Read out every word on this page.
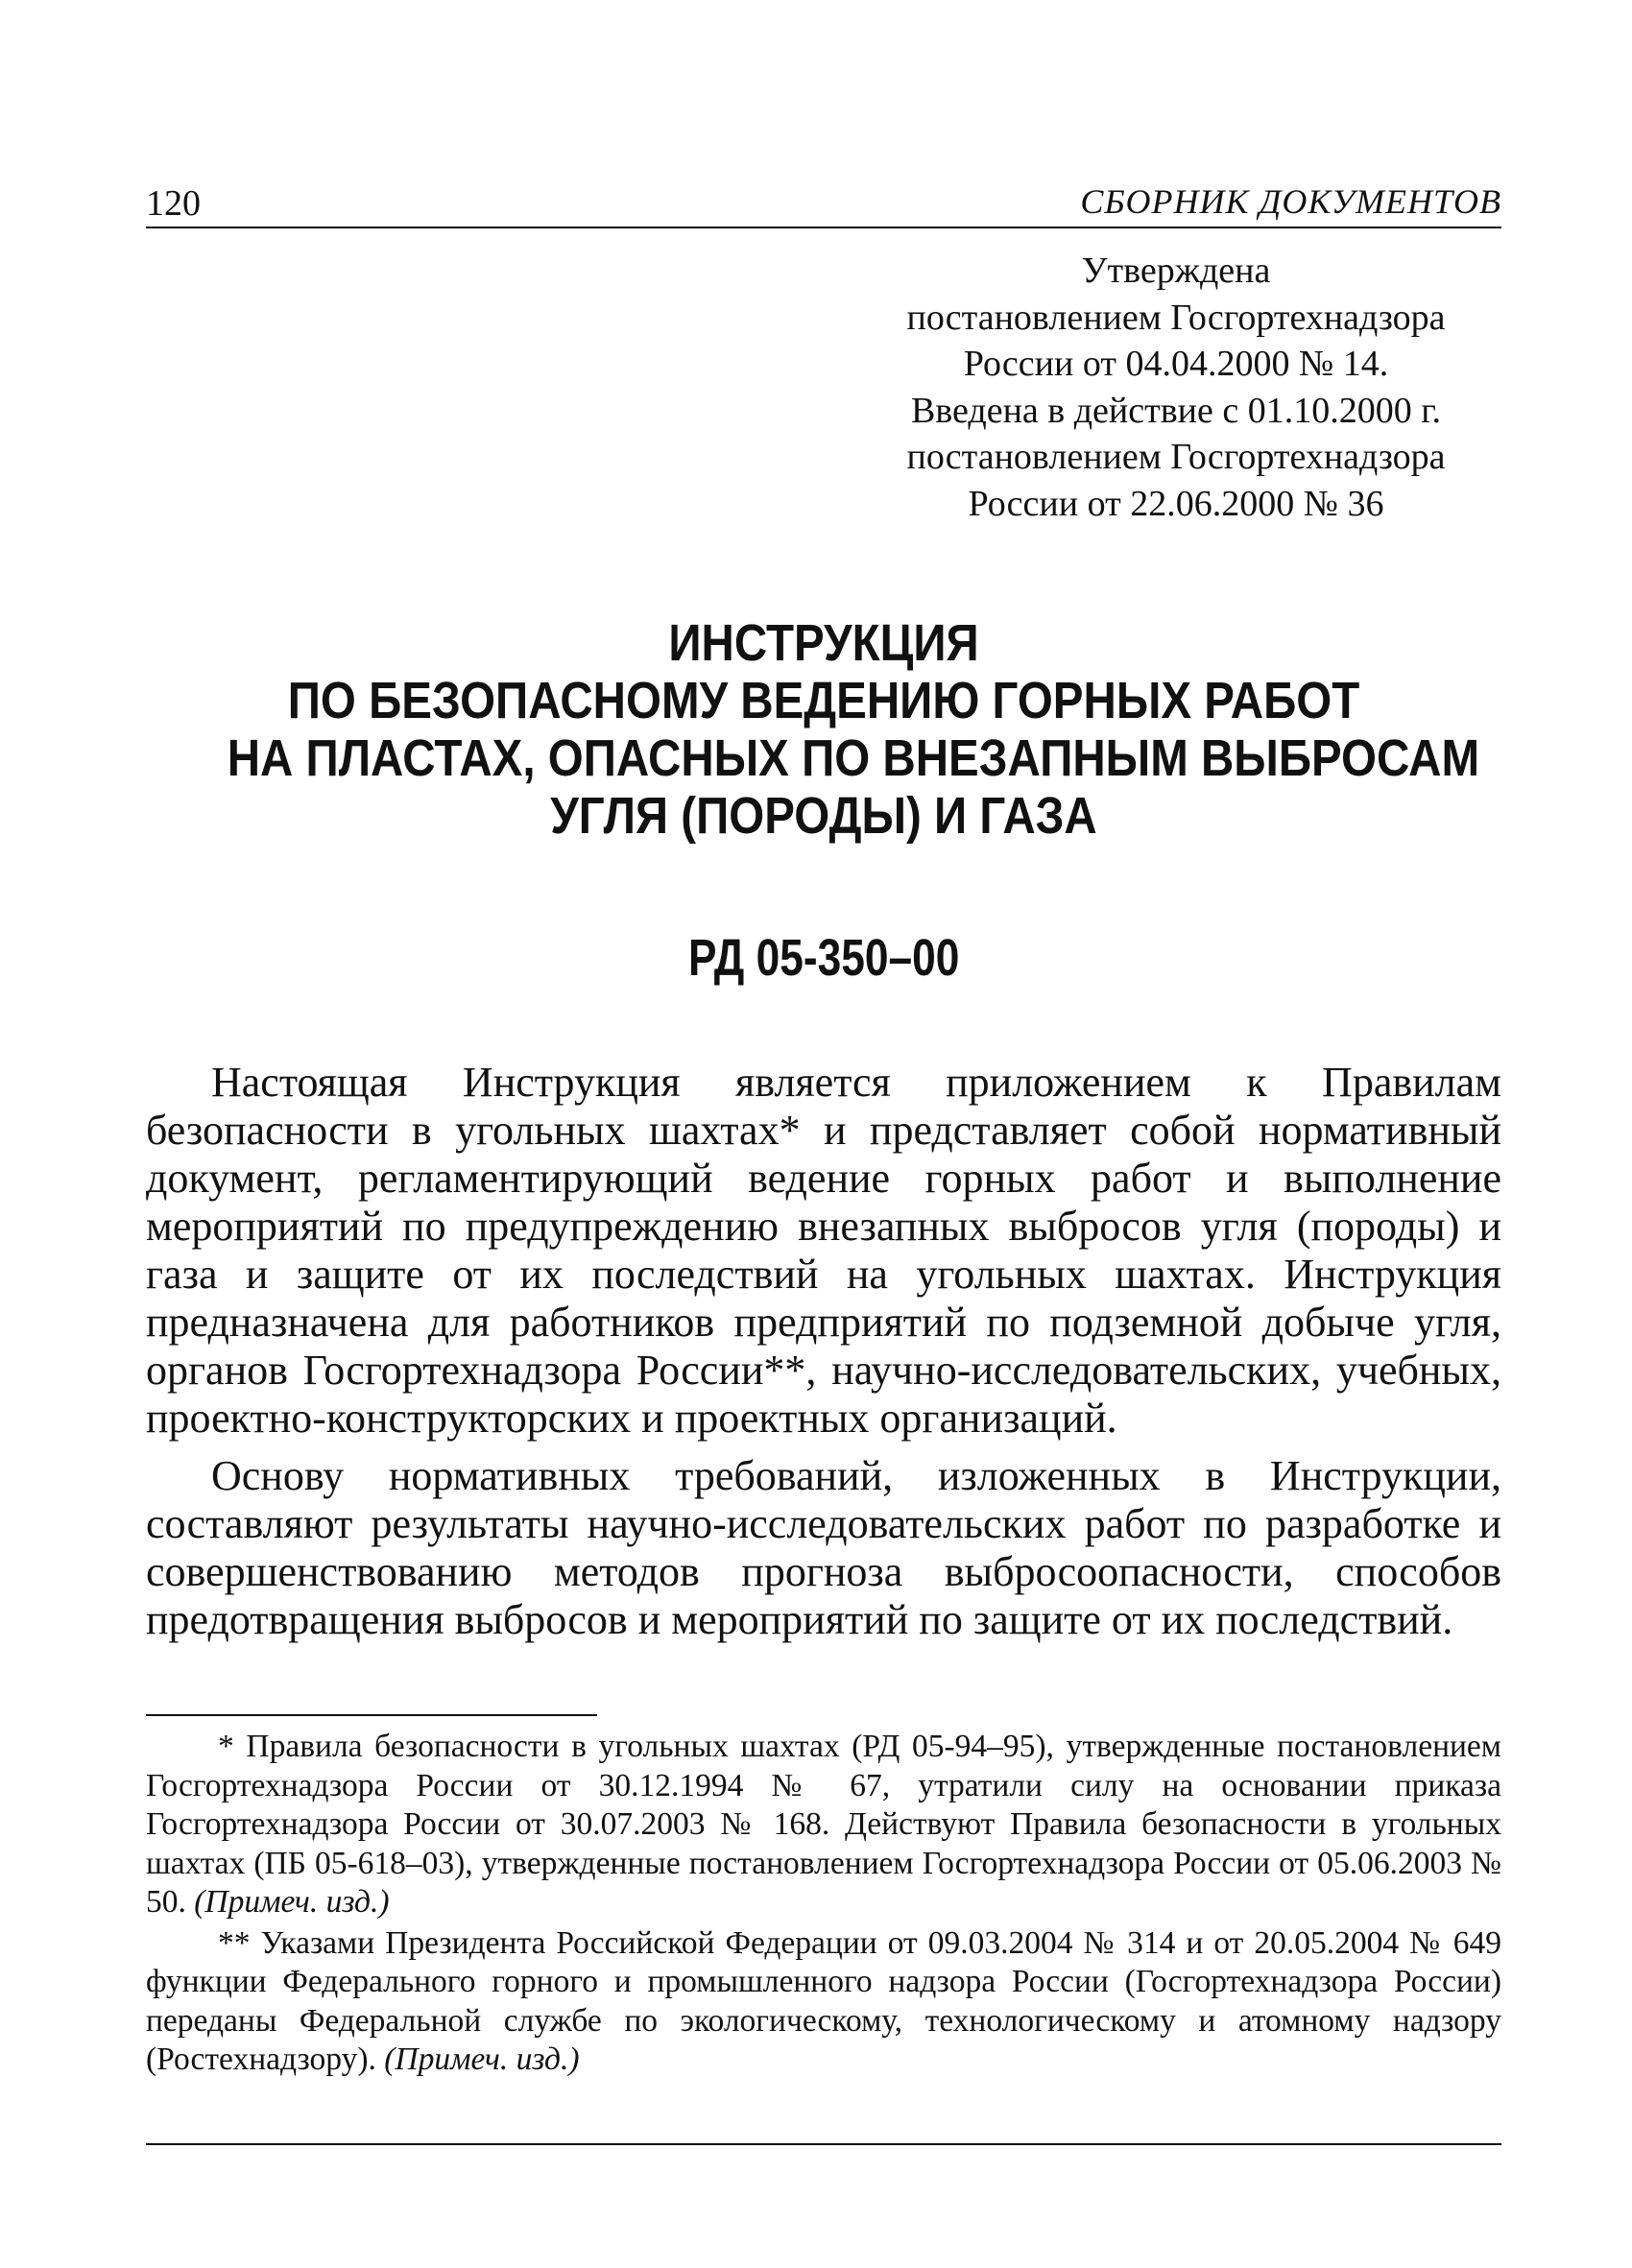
120	СБОРНИК ДОКУМЕНТОВ
Утверждена
постановлением Госгортехнадзора
России от 04.04.2000 № 14.
Введена в действие с 01.10.2000 г.
постановлением Госгортехнадзора
России от 22.06.2000 № 36
ИНСТРУКЦИЯ
ПО БЕЗОПАСНОМУ ВЕДЕНИЮ ГОРНЫХ РАБОТ
НА ПЛАСТАХ, ОПАСНЫХ ПО ВНЕЗАПНЫМ ВЫБРОСАМ
УГЛЯ (ПОРОДЫ) И ГАЗА
РД 05-350–00

Настоящая Инструкция является приложением к Правилам безопасности в угольных шахтах* и представляет собой нормативный документ, регламентирующий ведение горных работ и выполнение мероприятий по предупреждению внезапных выбросов угля (породы) и газа и защите от их последствий на угольных шахтах. Инструкция предназначена для работников предприятий по подземной добыче угля, органов Госгортехнадзора России**, научно-исследовательских, учебных, проектно-конструкторских и проектных организаций.

Основу нормативных требований, изложенных в Инструкции, составляют результаты научно-исследовательских работ по разработке и совершенствованию методов прогноза выбросоопасности, способов предотвращения выбросов и мероприятий по защите от их последствий.

* Правила безопасности в угольных шахтах (РД 05-94–95), утвержденные постановлением Госгортехнадзора России от 30.12.1994 № 67, утратили силу на основании приказа Госгортехнадзора России от 30.07.2003 № 168. Действуют Правила безопасности в угольных шахтах (ПБ 05-618–03), утвержденные постановлением Госгортехнадзора России от 05.06.2003 № 50. (Примеч. изд.)

** Указами Президента Российской Федерации от 09.03.2004 № 314 и от 20.05.2004 № 649 функции Федерального горного и промышленного надзора России (Госгортехнадзора России) переданы Федеральной службе по экологическому, технологическому и атомному надзору (Ростехнадзору). (Примеч. изд.)
